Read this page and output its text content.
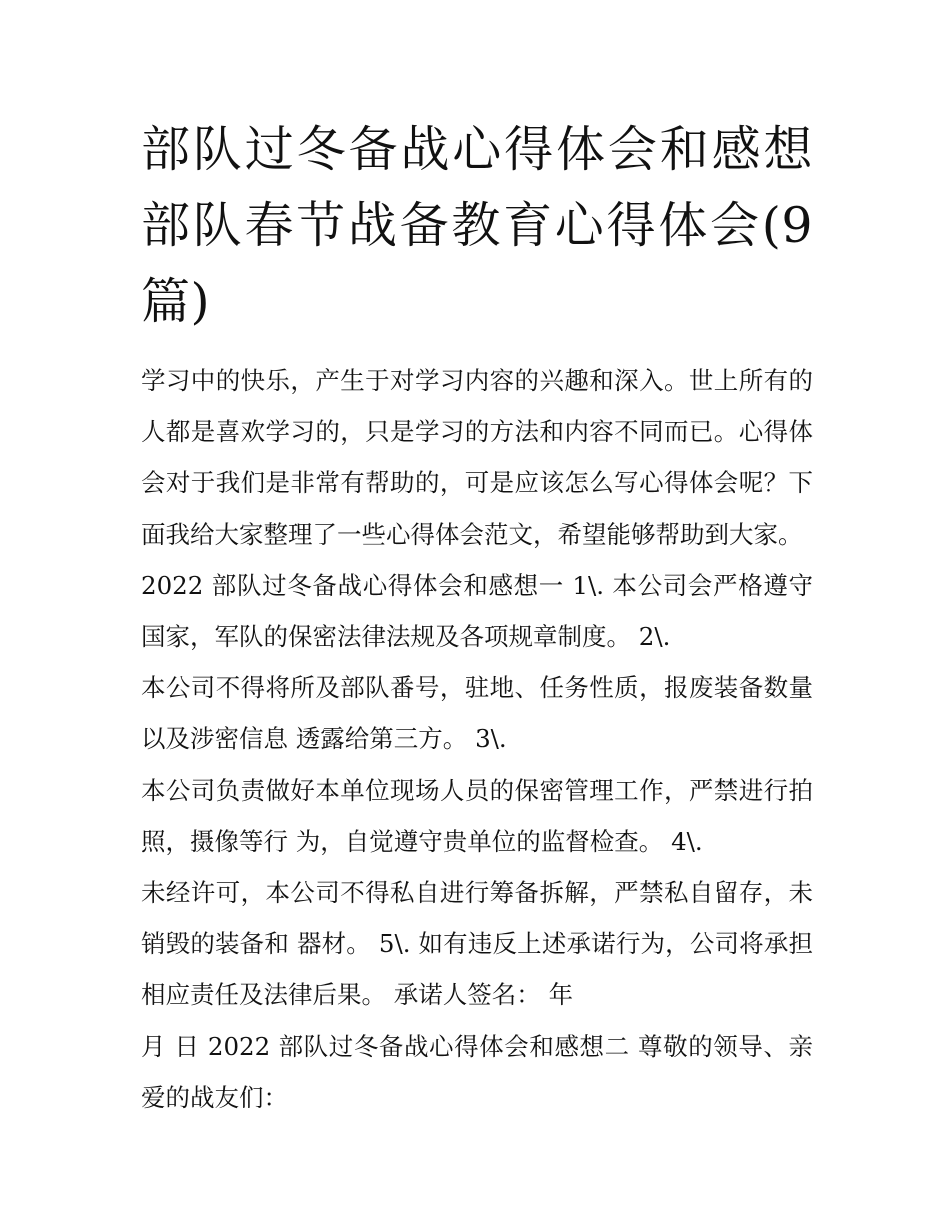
部队过冬备战心得体会和感想部队春节战备教育心得体会(9篇)

学习中的快乐，产生于对学习内容的兴趣和深入。世上所有的人都是喜欢学习的，只是学习的方法和内容不同而已。心得体会对于我们是非常有帮助的，可是应该怎么写心得体会呢？下面我给大家整理了一些心得体会范文，希望能够帮助到大家。

2022 部队过冬备战心得体会和感想一 1\. 本公司会严格遵守国家，军队的保密法律法规及各项规章制度。 2\.

本公司不得将所及部队番号，驻地、任务性质，报废装备数量以及涉密信息 透露给第三方。 3\.

本公司负责做好本单位现场人员的保密管理工作，严禁进行拍照，摄像等行 为，自觉遵守贵单位的监督检查。 4\.

未经许可，本公司不得私自进行筹备拆解，严禁私自留存，未销毁的装备和 器材。 5\. 如有违反上述承诺行为，公司将承担相应责任及法律后果。 承诺人签名： 年

月 日 2022 部队过冬备战心得体会和感想二 尊敬的领导、亲爱的战友们：
